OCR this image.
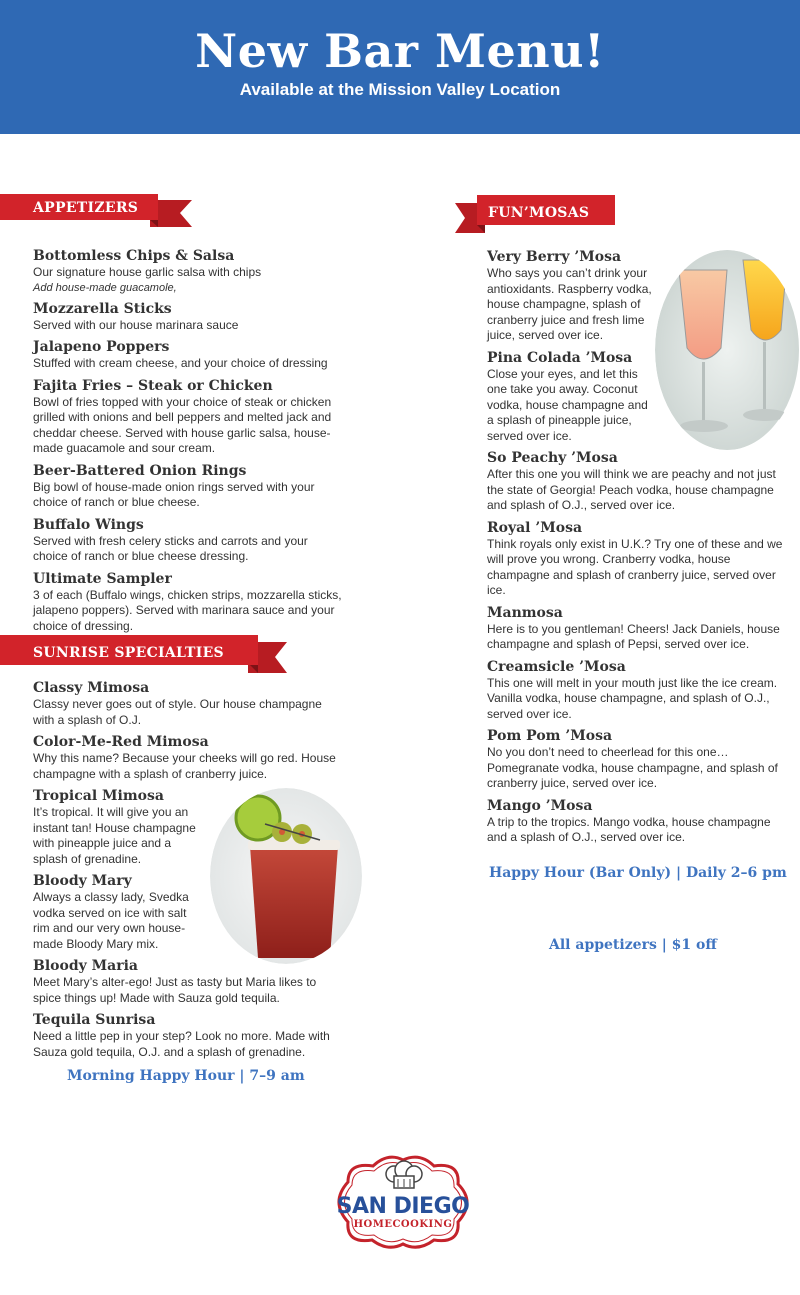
New Bar Menu!
Available at the Mission Valley Location
APPETIZERS
Bottomless Chips & Salsa
Our signature house garlic salsa with chips
Add house-made guacamole,
Mozzarella Sticks
Served with our house marinara sauce
Jalapeno Poppers
Stuffed with cream cheese, and your choice of dressing
Fajita Fries – Steak or Chicken
Bowl of fries topped with your choice of steak or chicken grilled with onions and bell peppers and melted jack and cheddar cheese. Served with house garlic salsa, house-made guacamole and sour cream.
Beer-Battered Onion Rings
Big bowl of house-made onion rings served with your choice of ranch or blue cheese.
Buffalo Wings
Served with fresh celery sticks and carrots and your choice of ranch or blue cheese dressing.
Ultimate Sampler
3 of each (Buffalo wings, chicken strips, mozzarella sticks, jalapeno poppers). Served with marinara sauce and your choice of dressing.
SUNRISE SPECIALTIES
Classy Mimosa
Classy never goes out of style. Our house champagne with a splash of O.J.
Color-Me-Red Mimosa
Why this name? Because your cheeks will go red. House champagne with a splash of cranberry juice.
Tropical Mimosa
It’s tropical. It will give you an instant tan! House champagne with pineapple juice and a splash of grenadine.
Bloody Mary
Always a classy lady, Svedka vodka served on ice with salt rim and our very own house-made Bloody Mary mix.
Bloody Maria
Meet Mary’s alter-ego! Just as tasty but Maria likes to spice things up! Made with Sauza gold tequila.
Tequila Sunrisa
Need a little pep in your step? Look no more. Made with Sauza gold tequila, O.J. and a splash of grenadine.
Morning Happy Hour | 7–9 am
FUN’MOSAS
Very Berry ’Mosa
Who says you can’t drink your antioxidants. Raspberry vodka, house champagne, splash of cranberry juice and fresh lime juice, served over ice.
Pina Colada ’Mosa
Close your eyes, and let this one take you away. Coconut vodka, house champagne and a splash of pineapple juice, served over ice.
So Peachy ’Mosa
After this one you will think we are peachy and not just the state of Georgia! Peach vodka, house champagne and splash of O.J., served over ice.
Royal ’Mosa
Think royals only exist in U.K.? Try one of these and we will prove you wrong. Cranberry vodka, house champagne and splash of cranberry juice, served over ice.
Manmosa
Here is to you gentleman! Cheers! Jack Daniels, house champagne and splash of Pepsi, served over ice.
Creamsicle ’Mosa
This one will melt in your mouth just like the ice cream. Vanilla vodka, house champagne, and splash of O.J., served over ice.
Pom Pom ’Mosa
No you don’t need to cheerlead for this one… Pomegranate vodka, house champagne, and splash of cranberry juice, served over ice.
Mango ’Mosa
A trip to the tropics. Mango vodka, house champagne and a splash of O.J., served over ice.
Happy Hour (Bar Only) | Daily 2–6 pm
All appetizers | $1 off
SAN DIEGO
HOMECOOKING
